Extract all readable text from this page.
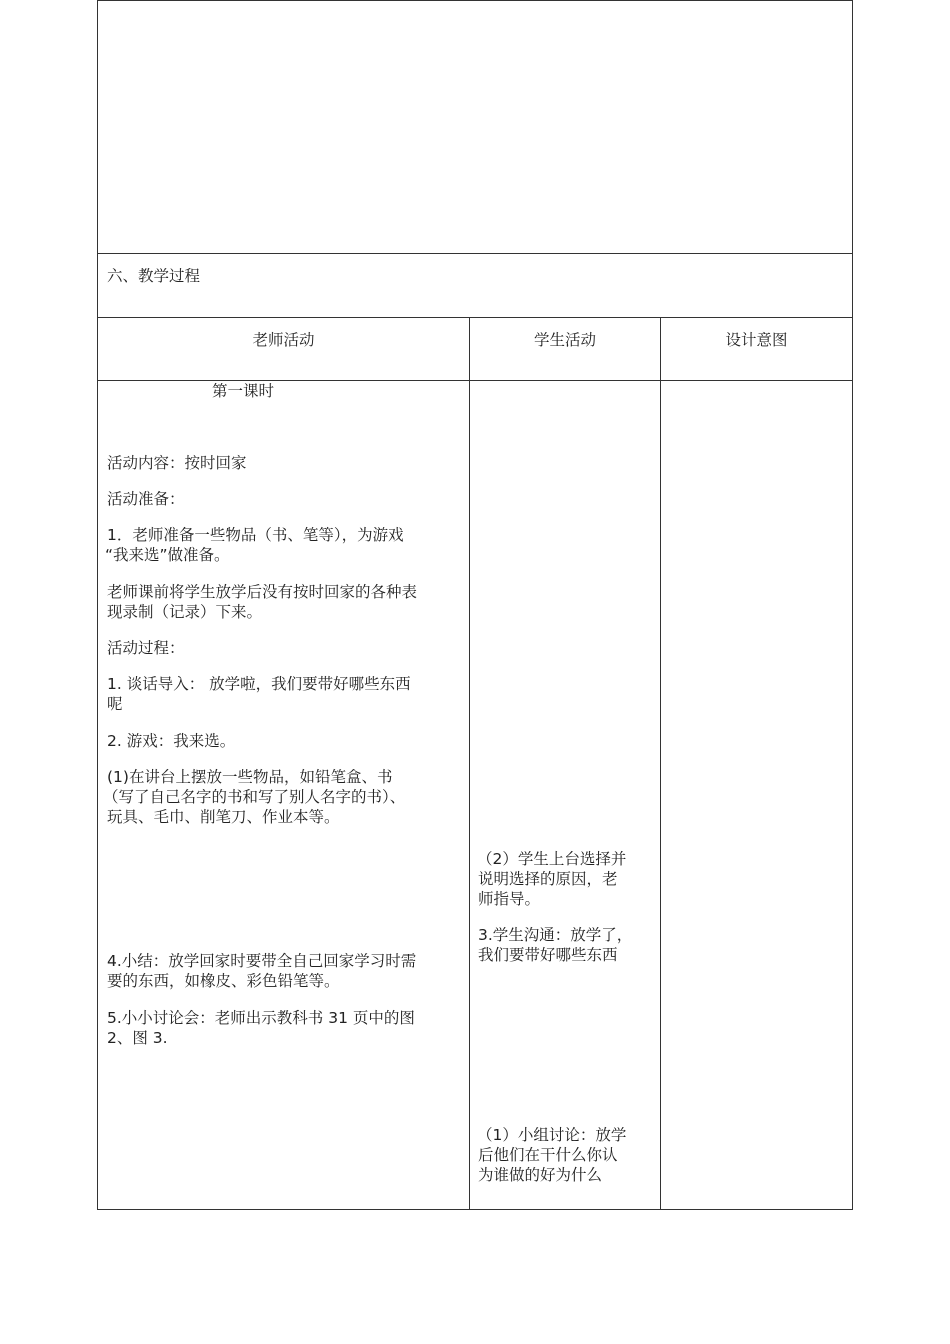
六、教学过程
老师活动	学生活动	设计意图
第一课时
活动内容：按时回家
活动准备：
1．老师准备一些物品（书、笔等），为游戏
“我来选”做准备。
老师课前将学生放学后没有按时回家的各种表
现录制（记录）下来。
活动过程：
1. 谈话导入： 放学啦，我们要带好哪些东西
呢
2. 游戏：我来选。
(1)在讲台上摆放一些物品，如铅笔盒、书
（写了自己名字的书和写了别人名字的书）、
玩具、毛巾、削笔刀、作业本等。
4.小结：放学回家时要带全自己回家学习时需
要的东西，如橡皮、彩色铅笔等。
5.小小讨论会：老师出示教科书 31 页中的图
2、图 3.
（2）学生上台选择并
说明选择的原因，老
师指导。
3.学生沟通：放学了，
我们要带好哪些东西
（1）小组讨论：放学
后他们在干什么你认
为谁做的好为什么
